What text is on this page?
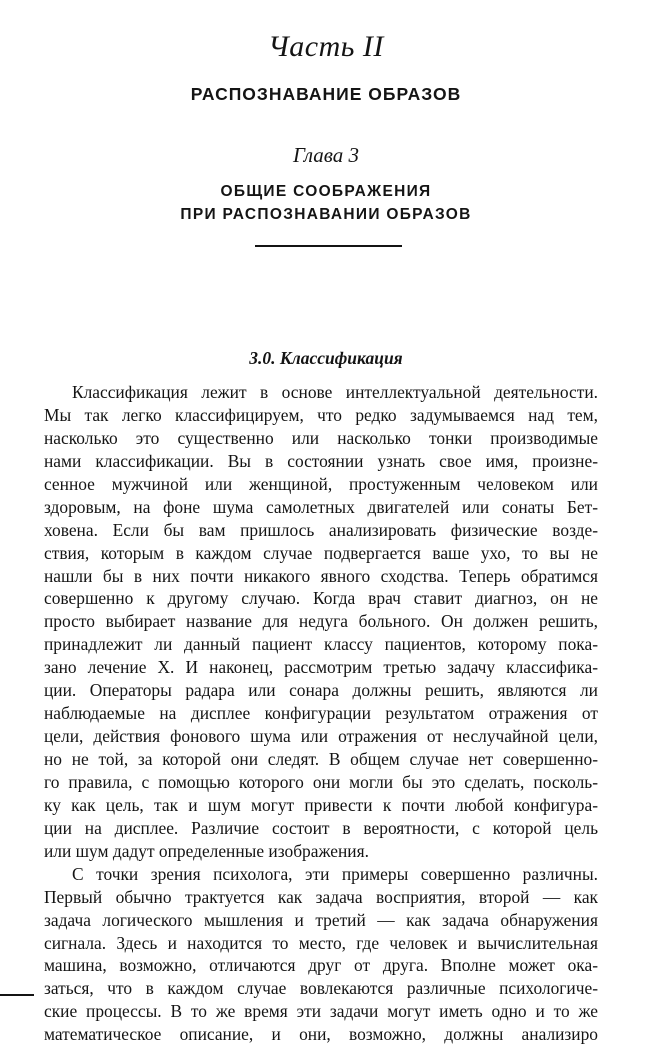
Часть II
РАСПОЗНАВАНИЕ ОБРАЗОВ
Глава 3
ОБЩИЕ СООБРАЖЕНИЯ
ПРИ РАСПОЗНАВАНИИ ОБРАЗОВ
3.0. Классификация
Классификация лежит в основе интеллектуальной деятельности.
Мы так легко классифицируем, что редко задумываемся над тем,
насколько это существенно или насколько тонки производимые
нами классификации. Вы в состоянии узнать свое имя, произне-
сенное мужчиной или женщиной, простуженным человеком или
здоровым, на фоне шума самолетных двигателей или сонаты Бет-
ховена. Если бы вам пришлось анализировать физические возде-
ствия, которым в каждом случае подвергается ваше ухо, то вы не
нашли бы в них почти никакого явного сходства. Теперь обратимся
совершенно к другому случаю. Когда врач ставит диагноз, он не
просто выбирает название для недуга больного. Он должен решить,
принадлежит ли данный пациент классу пациентов, которому пока-
зано лечение X. И наконец, рассмотрим третью задачу классифика-
ции. Операторы радара или сонара должны решить, являются ли
наблюдаемые на дисплее конфигурации результатом отражения от
цели, действия фонового шума или отражения от неслучайной цели,
но не той, за которой они следят. В общем случае нет совершенно-
го правила, с помощью которого они могли бы это сделать, посколь-
ку как цель, так и шум могут привести к почти любой конфигура-
ции на дисплее. Различие состоит в вероятности, с которой цель
или шум дадут определенные изображения.
С точки зрения психолога, эти примеры совершенно различны.
Первый обычно трактуется как задача восприятия, второй — как
задача логического мышления и третий — как задача обнаружения
сигнала. Здесь и находится то место, где человек и вычислительная
машина, возможно, отличаются друг от друга. Вполне может ока-
заться, что в каждом случае вовлекаются различные психологиче-
ские процессы. В то же время эти задачи могут иметь одно и то же
математическое описание, и они, возможно, должны анализиро
